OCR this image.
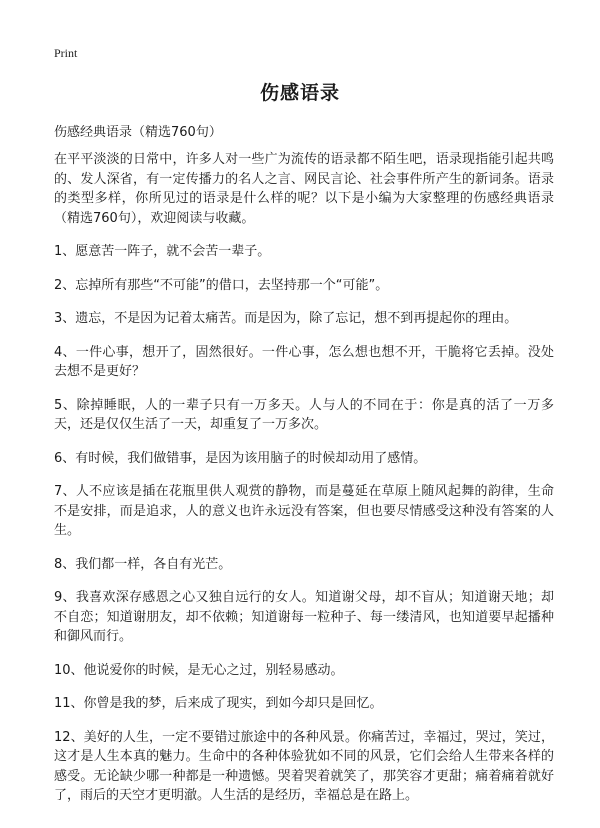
Print
伤感语录

伤感经典语录（精选760句）

在平平淡淡的日常中，许多人对一些广为流传的语录都不陌生吧，语录现指能引起共鸣的、发人深省，有一定传播力的名人之言、网民言论、社会事件所产生的新词条。语录的类型多样，你所见过的语录是什么样的呢？以下是小编为大家整理的伤感经典语录（精选760句），欢迎阅读与收藏。

1、愿意苦一阵子，就不会苦一辈子。

2、忘掉所有那些“不可能”的借口，去坚持那一个“可能”。

3、遗忘，不是因为记着太痛苦。而是因为，除了忘记，想不到再提起你的理由。

4、一件心事，想开了，固然很好。一件心事，怎么想也想不开，干脆将它丢掉。没处去想不是更好？

5、除掉睡眠，人的一辈子只有一万多天。人与人的不同在于：你是真的活了一万多天，还是仅仅生活了一天，却重复了一万多次。

6、有时候，我们做错事，是因为该用脑子的时候却动用了感情。

7、人不应该是插在花瓶里供人观赏的静物，而是蔓延在草原上随风起舞的韵律，生命不是安排，而是追求，人的意义也许永远没有答案，但也要尽情感受这种没有答案的人生。

8、我们都一样，各自有光芒。

9、我喜欢深存感恩之心又独自远行的女人。知道谢父母，却不盲从；知道谢天地；却不自恋；知道谢朋友，却不依赖；知道谢每一粒种子、每一缕清风，也知道要早起播种和御风而行。

10、他说爱你的时候，是无心之过，别轻易感动。

11、你曾是我的梦，后来成了现实，到如今却只是回忆。

12、美好的人生，一定不要错过旅途中的各种风景。你痛苦过，幸福过，哭过，笑过，这才是人生本真的魅力。生命中的各种体验犹如不同的风景，它们会给人生带来各样的感受。无论缺少哪一种都是一种遗憾。哭着哭着就笑了，那笑容才更甜；痛着痛着就好了，雨后的天空才更明澈。人生活的是经历，幸福总是在路上。
